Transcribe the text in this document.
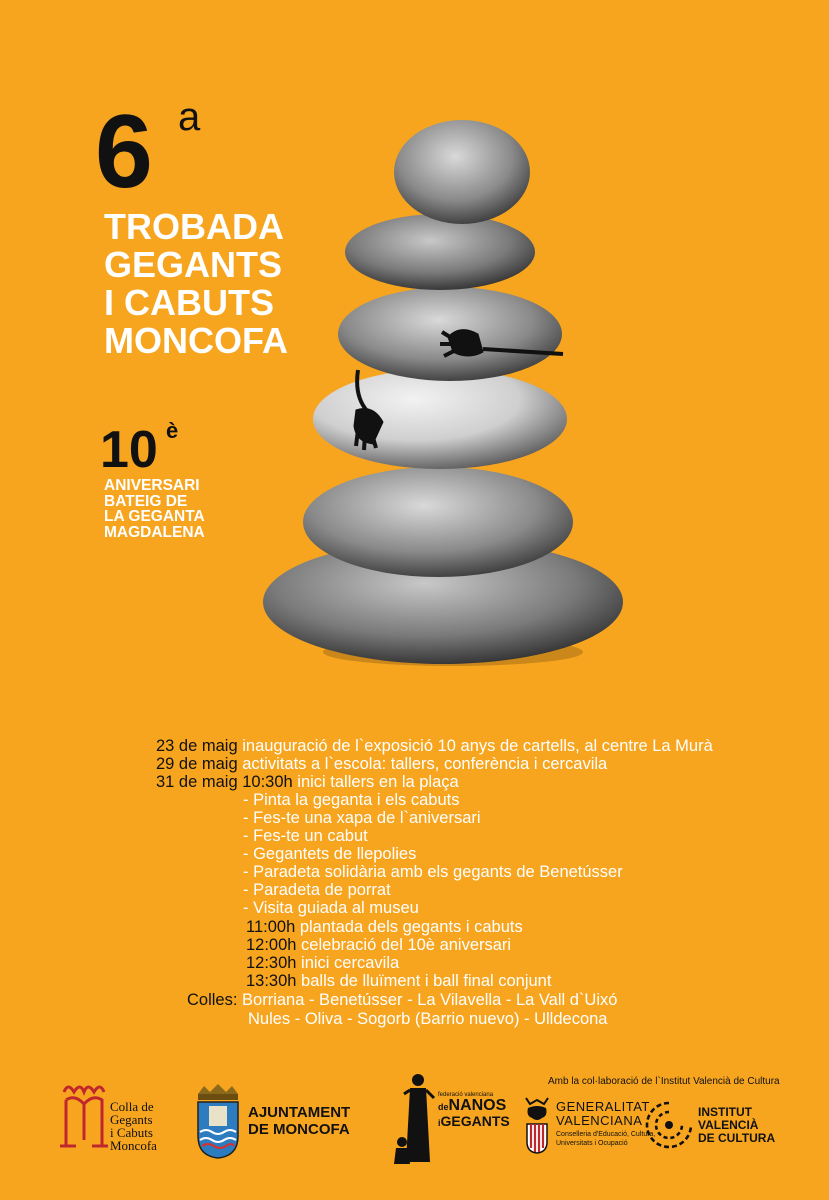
6 a
TROBADA
GEGANTS
I CABUTS
MONCOFA
10 è
ANIVERSARI
BATEIG DE
LA GEGANTA
MAGDALENA
23 de maig inauguració de l`exposició 10 anys de cartells, al centre La Murà
29 de maig activitats a l`escola: tallers, conferència i cercavila
31 de maig 10:30h inici tallers en la plaça
- Pinta la geganta i els cabuts
- Fes-te una xapa de l`aniversari
- Fes-te un cabut
- Gegantets de llepolies
- Paradeta solidària amb els gegants de Benetússer
- Paradeta de porrat
- Visita guiada al museu
11:00h plantada dels gegants i cabuts
12:00h celebració del 10è aniversari
12:30h inici cercavila
13:30h balls de lluïment i ball final conjunt
Colles: Borriana - Benetússer - La Vilavella - La Vall d`Uixó
Nules - Oliva - Sogorb (Barrio nuevo) - Ulldecona
Amb la col·laboració de l`Institut Valencià de Cultura
Colla de
Gegants
i Cabuts
Moncofa
AJUNTAMENT
DE MONCOFA
federació valenciana
deNANOS
iGEGANTS
GENERALITAT
VALENCIANA
Conselleria d'Educació, Cultura,
Universitats i Ocupació
INSTITUT
VALENCIÀ
DE CULTURA
